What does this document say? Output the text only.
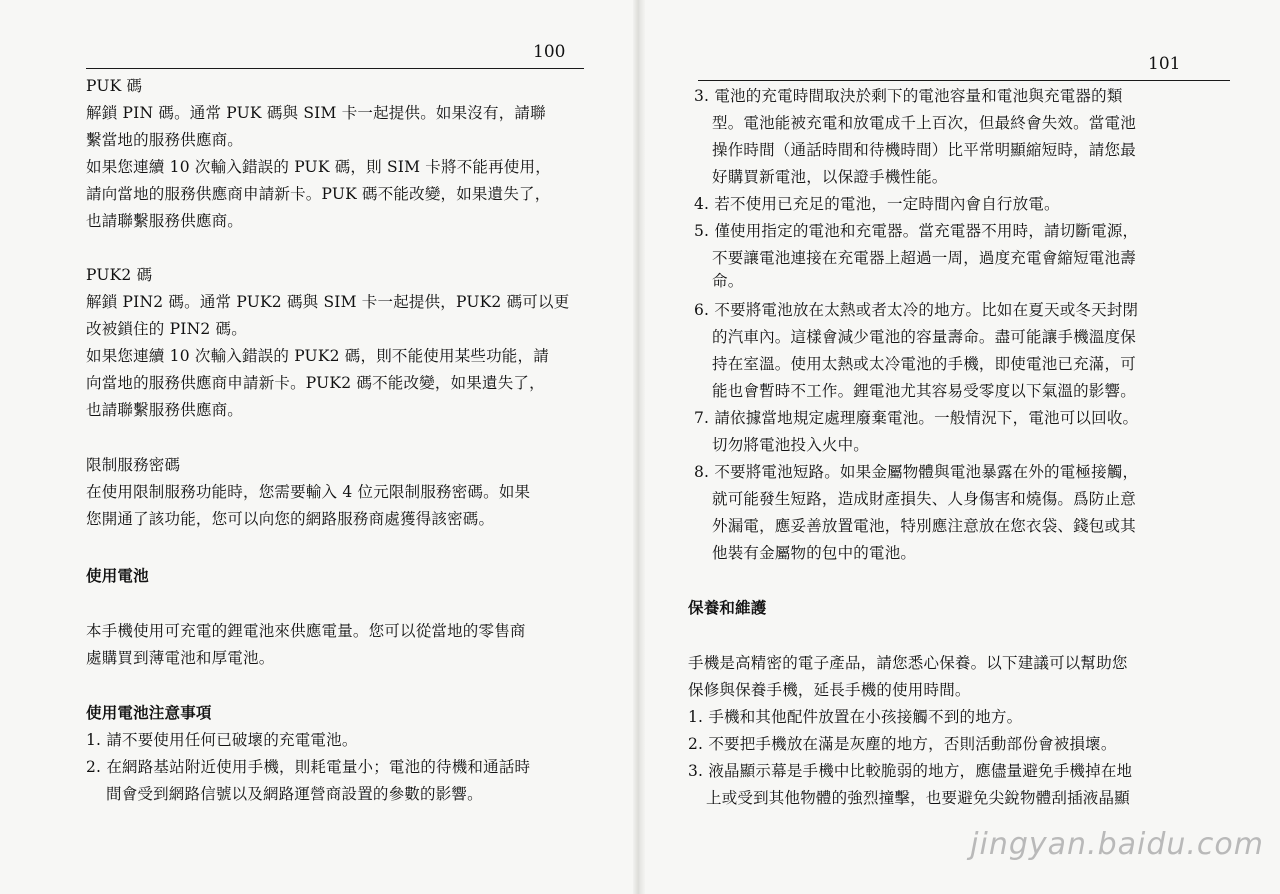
100
PUK 碼
解鎖 PIN 碼。通常 PUK 碼與 SIM 卡一起提供。如果沒有，請聯
繫當地的服務供應商。
如果您連續 10 次輸入錯誤的 PUK 碼，則 SIM 卡將不能再使用，
請向當地的服務供應商申請新卡。PUK 碼不能改變，如果遺失了，
也請聯繫服務供應商。
PUK2 碼
解鎖 PIN2 碼。通常 PUK2 碼與 SIM 卡一起提供，PUK2 碼可以更
改被鎖住的 PIN2 碼。
如果您連續 10 次輸入錯誤的 PUK2 碼，則不能使用某些功能，請
向當地的服務供應商申請新卡。PUK2 碼不能改變，如果遺失了，
也請聯繫服務供應商。
限制服務密碼
在使用限制服務功能時，您需要輸入 4 位元限制服務密碼。如果
您開通了該功能，您可以向您的網路服務商處獲得該密碼。
使用電池
本手機使用可充電的鋰電池來供應電量。您可以從當地的零售商
處購買到薄電池和厚電池。
使用電池注意事項
1. 請不要使用任何已破壞的充電電池。
2. 在網路基站附近使用手機，則耗電量小；電池的待機和通話時
間會受到網路信號以及網路運營商設置的參數的影響。
101
3. 電池的充電時間取決於剩下的電池容量和電池與充電器的類
型。電池能被充電和放電成千上百次，但最終會失效。當電池
操作時間（通話時間和待機時間）比平常明顯縮短時，請您最
好購買新電池，以保證手機性能。
4. 若不使用已充足的電池，一定時間內會自行放電。
5. 僅使用指定的電池和充電器。當充電器不用時，請切斷電源，
不要讓電池連接在充電器上超過一周，過度充電會縮短電池壽
命。
6. 不要將電池放在太熱或者太冷的地方。比如在夏天或冬天封閉
的汽車內。這樣會減少電池的容量壽命。盡可能讓手機溫度保
持在室溫。使用太熱或太冷電池的手機，即使電池已充滿，可
能也會暫時不工作。鋰電池尤其容易受零度以下氣溫的影響。
7. 請依據當地規定處理廢棄電池。一般情況下，電池可以回收。
切勿將電池投入火中。
8. 不要將電池短路。如果金屬物體與電池暴露在外的電極接觸，
就可能發生短路，造成財產損失、人身傷害和燒傷。爲防止意
外漏電，應妥善放置電池，特別應注意放在您衣袋、錢包或其
他裝有金屬物的包中的電池。
保養和維護
手機是高精密的電子產品，請您悉心保養。以下建議可以幫助您
保修與保養手機，延長手機的使用時間。
1. 手機和其他配件放置在小孩接觸不到的地方。
2. 不要把手機放在滿是灰塵的地方，否則活動部份會被損壞。
3. 液晶顯示幕是手機中比較脆弱的地方，應儘量避免手機掉在地
上或受到其他物體的強烈撞擊，也要避免尖銳物體刮插液晶顯
jingyan.baidu.com
